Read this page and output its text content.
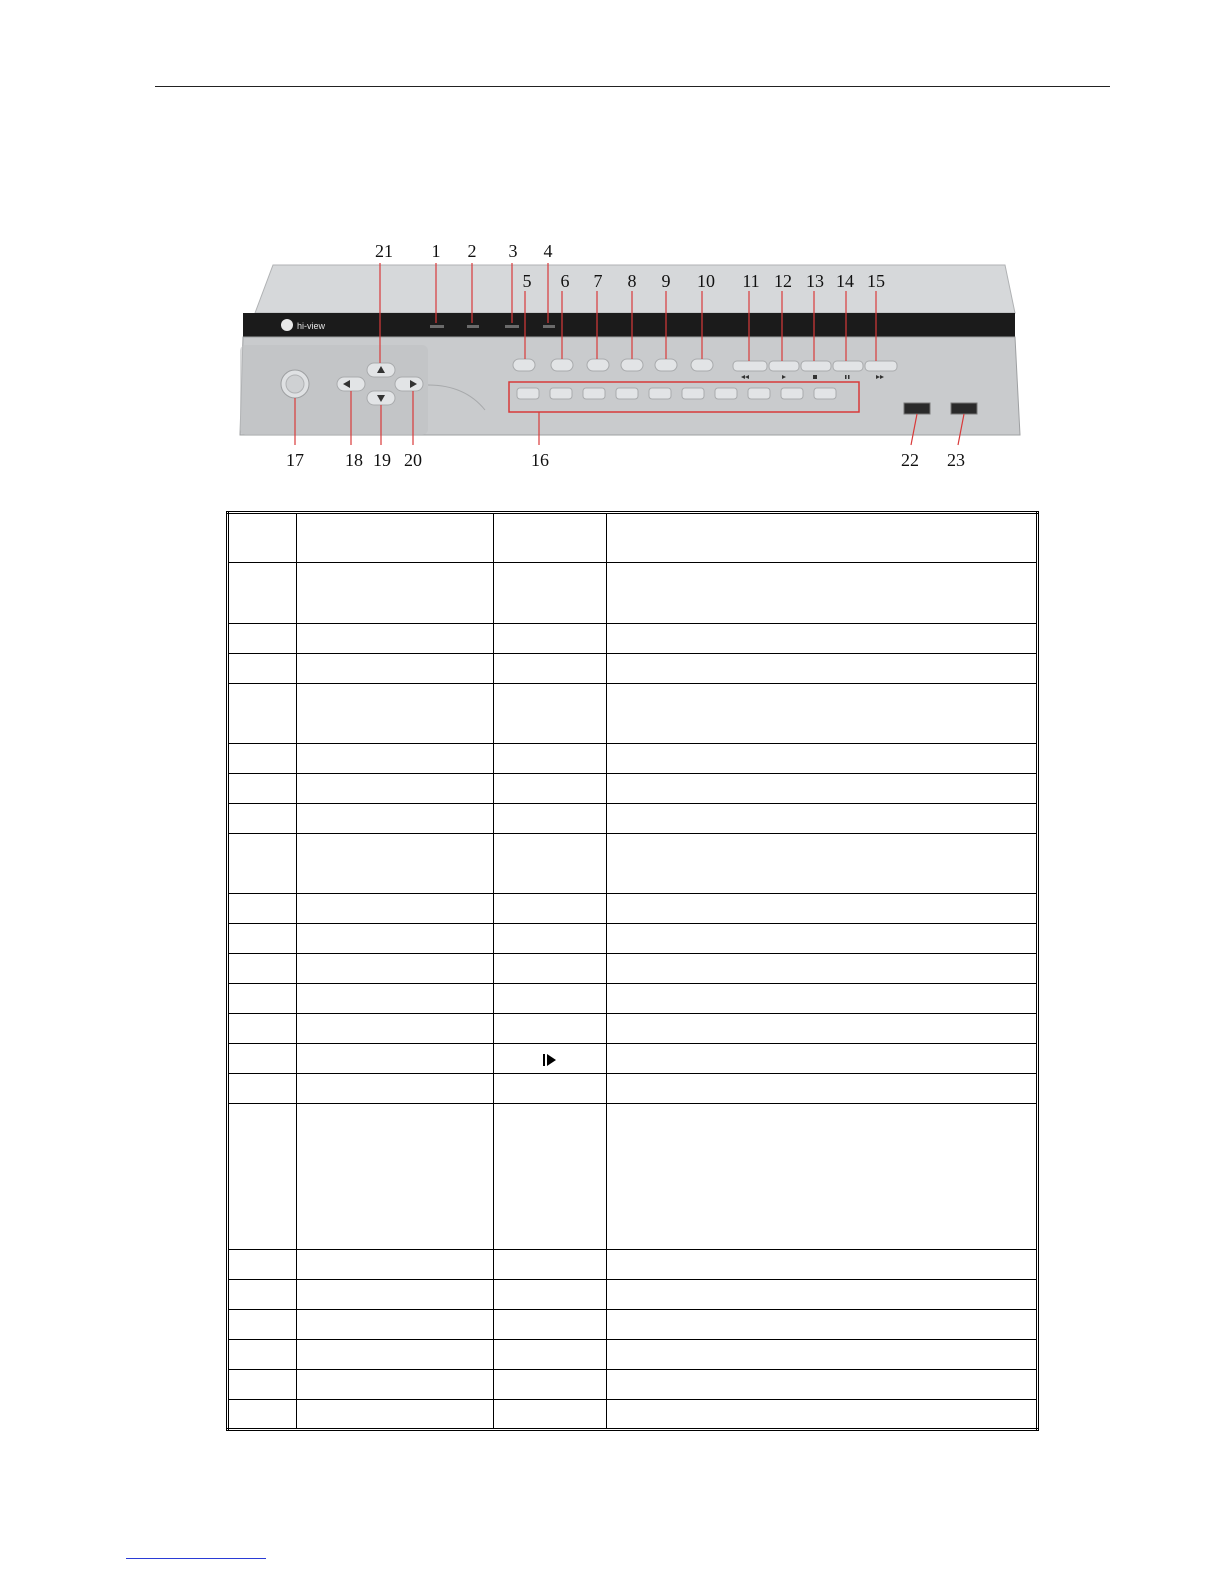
hi-view
21 1 2 3 4
5 6 7 8 9 10 11 12 13 14 15
17 18 19 20	16	22 23
